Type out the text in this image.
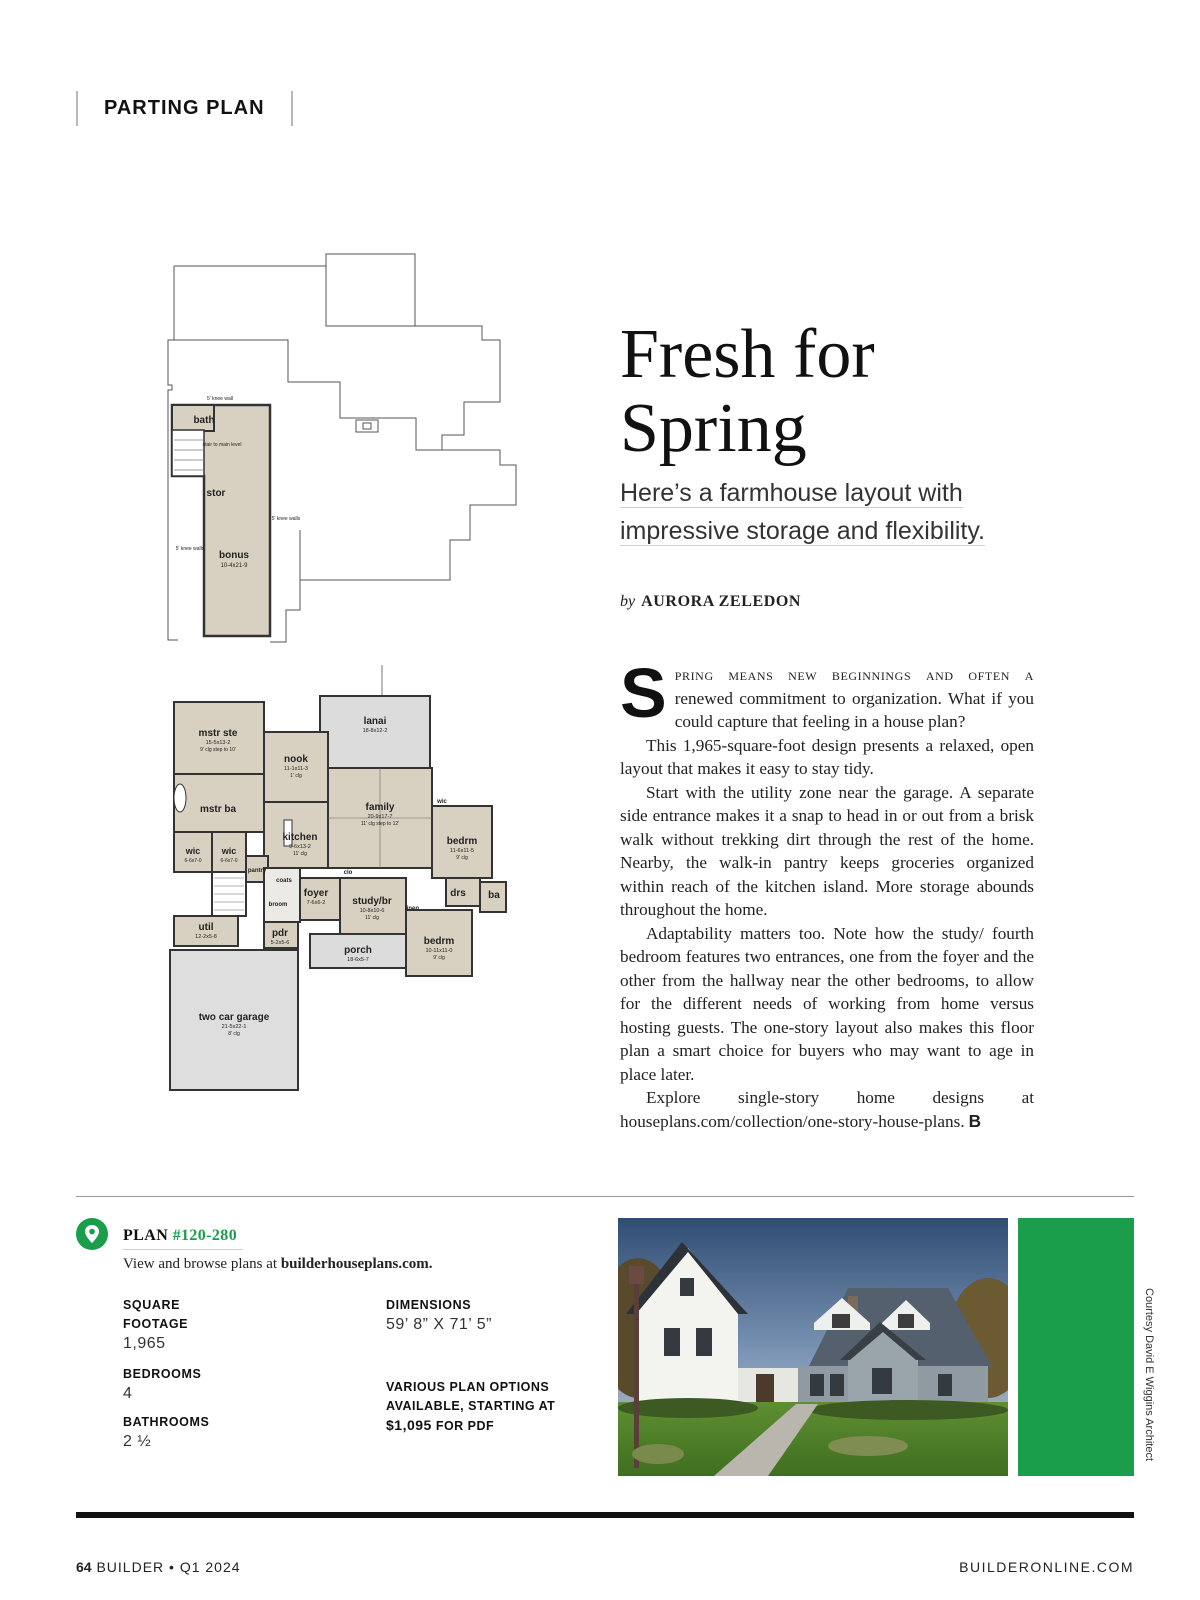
PARTING PLAN
5' knee wall
bath
stair to main level
stor
5' knee walls
5' knee walls
bonus
10-4x21-9
lanai
18-8x12-2
mstr ste
15-5x13-2
9' clg step to 10'
nook
11-1x11-3
1' clg
family
20-9x17-7
11' clg step to 12'
mstr ba
kitchen
9-6x13-2
11' clg
bedrm
11-6x11-5
9' clg
wic
6-6x7-0
wic
6-6x7-0
wic
pantry	clo
coats
broom
foyer
7-6x6-2	study/br
10-8x10-6
11' clg
linen
drs ba
util
12-2x5-8	pdr
5-2x5-6
porch
18-6x5-7
bedrm
10-11x11-0
9' clg
two car garage
21-5x22-1
8' clg
Fresh for
Spring
Here’s a farmhouse layout with
impressive storage and flexibility.
by AURORA ZELEDON

Spring means new beginnings and often a renewed commitment to organization. What if you could capture that feeling in a house plan?

This 1,965-square-foot design presents a relaxed, open layout that makes it easy to stay tidy.

Start with the utility zone near the garage. A separate side entrance makes it a snap to head in or out from a brisk walk without trekking dirt through the rest of the home. Nearby, the walk-in pantry keeps groceries organized within reach of the kitchen island. More storage abounds throughout the home.

Adaptability matters too. Note how the study/ fourth bedroom features two entrances, one from the foyer and the other from the hallway near the other bedrooms, to allow for the different needs of working from home versus hosting guests. The one-story layout also makes this floor plan a smart choice for buyers who may want to age in place later.

Explore single-story home designs at houseplans.com/collection/one-story-house-plans. B

PLAN #120-280
View and browse plans at builderhouseplans.com.
SQUARE
FOOTAGE
1,965
BEDROOMS
4
BATHROOMS
2 ½
DIMENSIONS
59’ 8” X 71’ 5”
VARIOUS PLAN OPTIONS
AVAILABLE, STARTING AT
$1,095 FOR PDF	Courtesy David E Wiggins Architect
64 BUILDER • Q1 2024	BUILDERONLINE.COM
